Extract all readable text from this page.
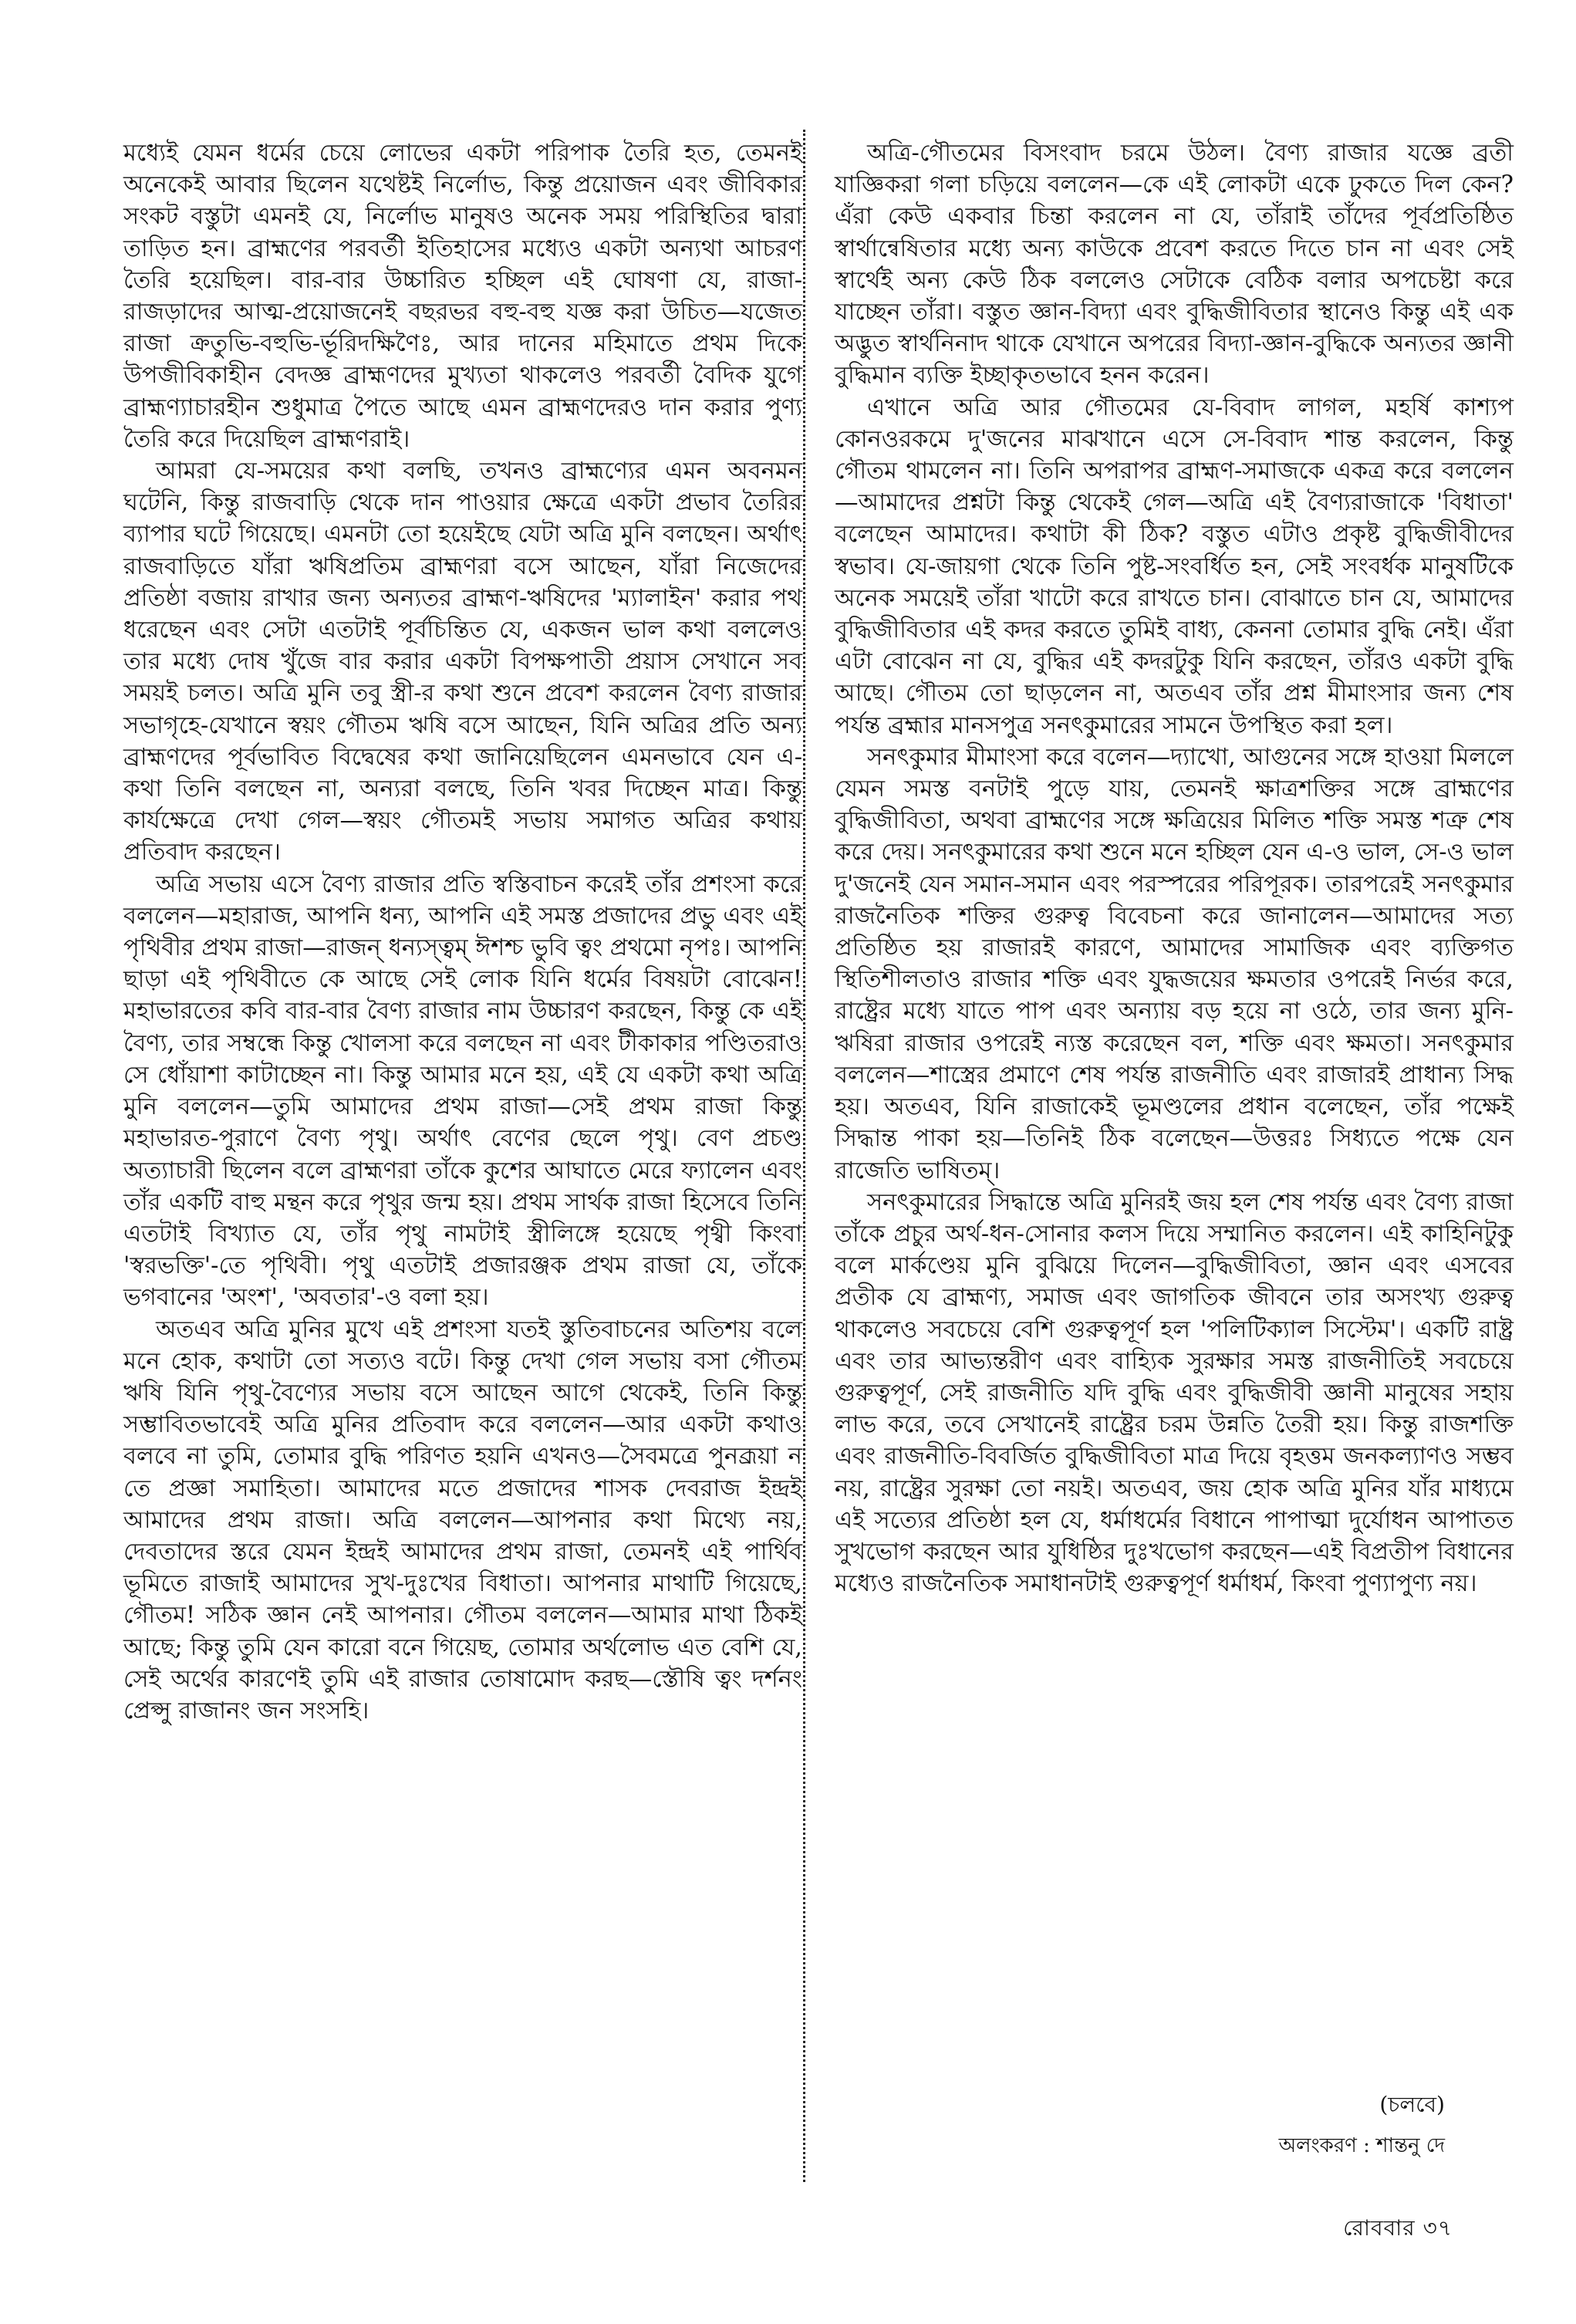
মধ্যেই যেমন ধর্মের চেয়ে লোভের একটা পরিপাক তৈরি হত, তেমনই অনেকেই আবার ছিলেন যথেষ্টই নির্লোভ, কিন্তু প্রয়োজন এবং জীবিকার সংকট বস্তুটা এমনই যে, নির্লোভ মানুষও অনেক সময় পরিস্থিতির দ্বারা তাড়িত হন। ব্রাহ্মণের পরবর্তী ইতিহাসের মধ্যেও একটা অন্যথা আচরণ তৈরি হয়েছিল। বার-বার উচ্চারিত হচ্ছিল এই ঘোষণা যে, রাজা-রাজড়াদের আত্ম-প্রয়োজনেই বছরভর বহু-বহু যজ্ঞ করা উচিত—যজেত রাজা ক্রতুভি-বহুভি-র্ভূরিদক্ষিণৈঃ, আর দানের মহিমাতে প্রথম দিকে উপজীবিকাহীন বেদজ্ঞ ব্রাহ্মণদের মুখ্যতা থাকলেও পরবর্তী বৈদিক যুগে ব্রাহ্মণ্যাচারহীন শুধুমাত্র পৈতে আছে এমন ব্রাহ্মণদেরও দান করার পুণ্য তৈরি করে দিয়েছিল ব্রাহ্মণরাই।

আমরা যে-সময়ের কথা বলছি, তখনও ব্রাহ্মণ্যের এমন অবনমন ঘটেনি, কিন্তু রাজবাড়ি থেকে দান পাওয়ার ক্ষেত্রে একটা প্রভাব তৈরির ব্যাপার ঘটে গিয়েছে। এমনটা তো হয়েইছে যেটা অত্রি মুনি বলছেন। অর্থাৎ রাজবাড়িতে যাঁরা ঋষিপ্রতিম ব্রাহ্মণরা বসে আছেন, যাঁরা নিজেদের প্রতিষ্ঠা বজায় রাখার জন্য অন্যতর ব্রাহ্মণ-ঋষিদের 'ম্যালাইন' করার পথ ধরেছেন এবং সেটা এতটাই পূর্বচিন্তিত যে, একজন ভাল কথা বললেও তার মধ্যে দোষ খুঁজে বার করার একটা বিপক্ষপাতী প্রয়াস সেখানে সব সময়ই চলত। অত্রি মুনি তবু স্ত্রী-র কথা শুনে প্রবেশ করলেন বৈণ্য রাজার সভাগৃহে-যেখানে স্বয়ং গৌতম ঋষি বসে আছেন, যিনি অত্রির প্রতি অন্য ব্রাহ্মণদের পূর্বভাবিত বিদ্বেষের কথা জানিয়েছিলেন এমনভাবে যেন এ-কথা তিনি বলছেন না, অন্যরা বলছে, তিনি খবর দিচ্ছেন মাত্র। কিন্তু কার্যক্ষেত্রে দেখা গেল—স্বয়ং গৌতমই সভায় সমাগত অত্রির কথায় প্রতিবাদ করছেন।

অত্রি সভায় এসে বৈণ্য রাজার প্রতি স্বস্তিবাচন করেই তাঁর প্রশংসা করে বললেন—মহারাজ, আপনি ধন্য, আপনি এই সমস্ত প্রজাদের প্রভু এবং এই পৃথিবীর প্রথম রাজা—রাজন্‌ ধন্যস্ত্বম্‌ ঈশশ্চ ভুবি ত্বং প্রথমো নৃপঃ। আপনি ছাড়া এই পৃথিবীতে কে আছে সেই লোক যিনি ধর্মের বিষয়টা বোঝেন! মহাভারতের কবি বার-বার বৈণ্য রাজার নাম উচ্চারণ করছেন, কিন্তু কে এই বৈণ্য, তার সম্বন্ধে কিন্তু খোলসা করে বলছেন না এবং টীকাকার পণ্ডিতরাও সে ধোঁয়াশা কাটাচ্ছেন না। কিন্তু আমার মনে হয়, এই যে একটা কথা অত্রি মুনি বললেন—তুমি আমাদের প্রথম রাজা—সেই প্রথম রাজা কিন্তু মহাভারত-পুরাণে বৈণ্য পৃথু। অর্থাৎ বেণের ছেলে পৃথু। বেণ প্রচণ্ড অত্যাচারী ছিলেন বলে ব্রাহ্মণরা তাঁকে কুশের আঘাতে মেরে ফ্যালেন এবং তাঁর একটি বাহু মন্থন করে পৃথুর জন্ম হয়। প্রথম সার্থক রাজা হিসেবে তিনি এতটাই বিখ্যাত যে, তাঁর পৃথু নামটাই স্ত্রীলিঙ্গে হয়েছে পৃথ্বী কিংবা 'স্বরভক্তি'-তে পৃথিবী। পৃথু এতটাই প্রজারঞ্জক প্রথম রাজা যে, তাঁকে ভগবানের 'অংশ', 'অবতার'-ও বলা হয়।

অতএব অত্রি মুনির মুখে এই প্রশংসা যতই স্তুতিবাচনের অতিশয় বলে মনে হোক, কথাটা তো সত্যও বটে। কিন্তু দেখা গেল সভায় বসা গৌতম ঋষি যিনি পৃথু-বৈণ্যের সভায় বসে আছেন আগে থেকেই, তিনি কিন্তু সম্ভাবিতভাবেই অত্রি মুনির প্রতিবাদ করে বললেন—আর একটা কথাও বলবে না তুমি, তোমার বুদ্ধি পরিণত হয়নি এখনও—সৈবমত্রে পুনব্রূয়া ন তে প্রজ্ঞা সমাহিতা। আমাদের মতে প্রজাদের শাসক দেবরাজ ইন্দ্রই আমাদের প্রথম রাজা। অত্রি বললেন—আপনার কথা মিথ্যে নয়, দেবতাদের স্তরে যেমন ইন্দ্রই আমাদের প্রথম রাজা, তেমনই এই পার্থিব ভূমিতে রাজাই আমাদের সুখ-দুঃখের বিধাতা। আপনার মাথাটি গিয়েছে, গৌতম! সঠিক জ্ঞান নেই আপনার। গৌতম বললেন—আমার মাথা ঠিকই আছে; কিন্তু তুমি যেন কারো বনে গিয়েছ, তোমার অর্থলোভ এত বেশি যে, সেই অর্থের কারণেই তুমি এই রাজার তোষামোদ করছ—স্তৌষি ত্বং দর্শনং প্রেপ্সু রাজানং জন সংসহি।

অত্রি-গৌতমের বিসংবাদ চরমে উঠল। বৈণ্য রাজার যজ্ঞে ব্রতী যাজ্ঞিকরা গলা চড়িয়ে বললেন—কে এই লোকটা একে ঢুকতে দিল কেন? এঁরা কেউ একবার চিন্তা করলেন না যে, তাঁরাই তাঁদের পূর্বপ্রতিষ্ঠিত স্বার্থান্বেষিতার মধ্যে অন্য কাউকে প্রবেশ করতে দিতে চান না এবং সেই স্বার্থেই অন্য কেউ ঠিক বললেও সেটাকে বেঠিক বলার অপচেষ্টা করে যাচ্ছেন তাঁরা। বস্তুত জ্ঞান-বিদ্যা এবং বুদ্ধিজীবিতার স্থানেও কিন্তু এই এক অদ্ভুত স্বার্থনিনাদ থাকে যেখানে অপরের বিদ্যা-জ্ঞান-বুদ্ধিকে অন্যতর জ্ঞানী বুদ্ধিমান ব্যক্তি ইচ্ছাকৃতভাবে হনন করেন।

এখানে অত্রি আর গৌতমের যে-বিবাদ লাগল, মহর্ষি কাশ্যপ কোনওরকমে দু'জনের মাঝখানে এসে সে-বিবাদ শান্ত করলেন, কিন্তু গৌতম থামলেন না। তিনি অপরাপর ব্রাহ্মণ-সমাজকে একত্র করে বললেন—আমাদের প্রশ্নটা কিন্তু থেকেই গেল—অত্রি এই বৈণ্যরাজাকে 'বিধাতা' বলেছেন আমাদের। কথাটা কী ঠিক? বস্তুত এটাও প্রকৃষ্ট বুদ্ধিজীবীদের স্বভাব। যে-জায়গা থেকে তিনি পুষ্ট-সংবর্ধিত হন, সেই সংবর্ধক মানুষটিকে অনেক সময়েই তাঁরা খাটো করে রাখতে চান। বোঝাতে চান যে, আমাদের বুদ্ধিজীবিতার এই কদর করতে তুমিই বাধ্য, কেননা তোমার বুদ্ধি নেই। এঁরা এটা বোঝেন না যে, বুদ্ধির এই কদরটুকু যিনি করছেন, তাঁরও একটা বুদ্ধি আছে। গৌতম তো ছাড়লেন না, অতএব তাঁর প্রশ্ন মীমাংসার জন্য শেষ পর্যন্ত ব্রহ্মার মানসপুত্র সনৎকুমারের সামনে উপস্থিত করা হল।

সনৎকুমার মীমাংসা করে বলেন—দ্যাখো, আগুনের সঙ্গে হাওয়া মিললে যেমন সমস্ত বনটাই পুড়ে যায়, তেমনই ক্ষাত্রশক্তির সঙ্গে ব্রাহ্মণের বুদ্ধিজীবিতা, অথবা ব্রাহ্মণের সঙ্গে ক্ষত্রিয়ের মিলিত শক্তি সমস্ত শত্রু শেষ করে দেয়। সনৎকুমারের কথা শুনে মনে হচ্ছিল যেন এ-ও ভাল, সে-ও ভাল দু'জনেই যেন সমান-সমান এবং পরস্পরের পরিপূরক। তারপরেই সনৎকুমার রাজনৈতিক শক্তির গুরুত্ব বিবেচনা করে জানালেন—আমাদের সত্য প্রতিষ্ঠিত হয় রাজারই কারণে, আমাদের সামাজিক এবং ব্যক্তিগত স্থিতিশীলতাও রাজার শক্তি এবং যুদ্ধজয়ের ক্ষমতার ওপরেই নির্ভর করে, রাষ্ট্রের মধ্যে যাতে পাপ এবং অন্যায় বড় হয়ে না ওঠে, তার জন্য মুনি-ঋষিরা রাজার ওপরেই ন্যস্ত করেছেন বল, শক্তি এবং ক্ষমতা। সনৎকুমার বললেন—শাস্ত্রের প্রমাণে শেষ পর্যন্ত রাজনীতি এবং রাজারই প্রাধান্য সিদ্ধ হয়। অতএব, যিনি রাজাকেই ভূমণ্ডলের প্রধান বলেছেন, তাঁর পক্ষেই সিদ্ধান্ত পাকা হয়—তিনিই ঠিক বলেছেন—উত্তরঃ সিধ্যতে পক্ষে যেন রাজেতি ভাষিতম্‌।

সনৎকুমারের সিদ্ধান্তে অত্রি মুনিরই জয় হল শেষ পর্যন্ত এবং বৈণ্য রাজা তাঁকে প্রচুর অর্থ-ধন-সোনার কলস দিয়ে সম্মানিত করলেন। এই কাহিনিটুকু বলে মার্কণ্ডেয় মুনি বুঝিয়ে দিলেন—বুদ্ধিজীবিতা, জ্ঞান এবং এসবের প্রতীক যে ব্রাহ্মণ্য, সমাজ এবং জাগতিক জীবনে তার অসংখ্য গুরুত্ব থাকলেও সবচেয়ে বেশি গুরুত্বপূর্ণ হল 'পলিটিক্যাল সিস্টেম'। একটি রাষ্ট্র এবং তার আভ্যন্তরীণ এবং বাহ্যিক সুরক্ষার সমস্ত রাজনীতিই সবচেয়ে গুরুত্বপূর্ণ, সেই রাজনীতি যদি বুদ্ধি এবং বুদ্ধিজীবী জ্ঞানী মানুষের সহায় লাভ করে, তবে সেখানেই রাষ্ট্রের চরম উন্নতি তৈরী হয়। কিন্তু রাজশক্তি এবং রাজনীতি-বিবর্জিত বুদ্ধিজীবিতা মাত্র দিয়ে বৃহত্তম জনকল্যাণও সম্ভব নয়, রাষ্ট্রের সুরক্ষা তো নয়ই। অতএব, জয় হোক অত্রি মুনির যাঁর মাধ্যমে এই সত্যের প্রতিষ্ঠা হল যে, ধর্মাধর্মের বিধানে পাপাত্মা দুর্যোধন আপাতত সুখভোগ করছেন আর যুধিষ্ঠির দুঃখভোগ করছেন—এই বিপ্রতীপ বিধানের মধ্যেও রাজনৈতিক সমাধানটাই গুরুত্বপূর্ণ ধর্মাধর্ম, কিংবা পুণ্যাপুণ্য নয়।

(চলবে)
অলংকরণ : শান্তনু দে
রোববার ৩৭
